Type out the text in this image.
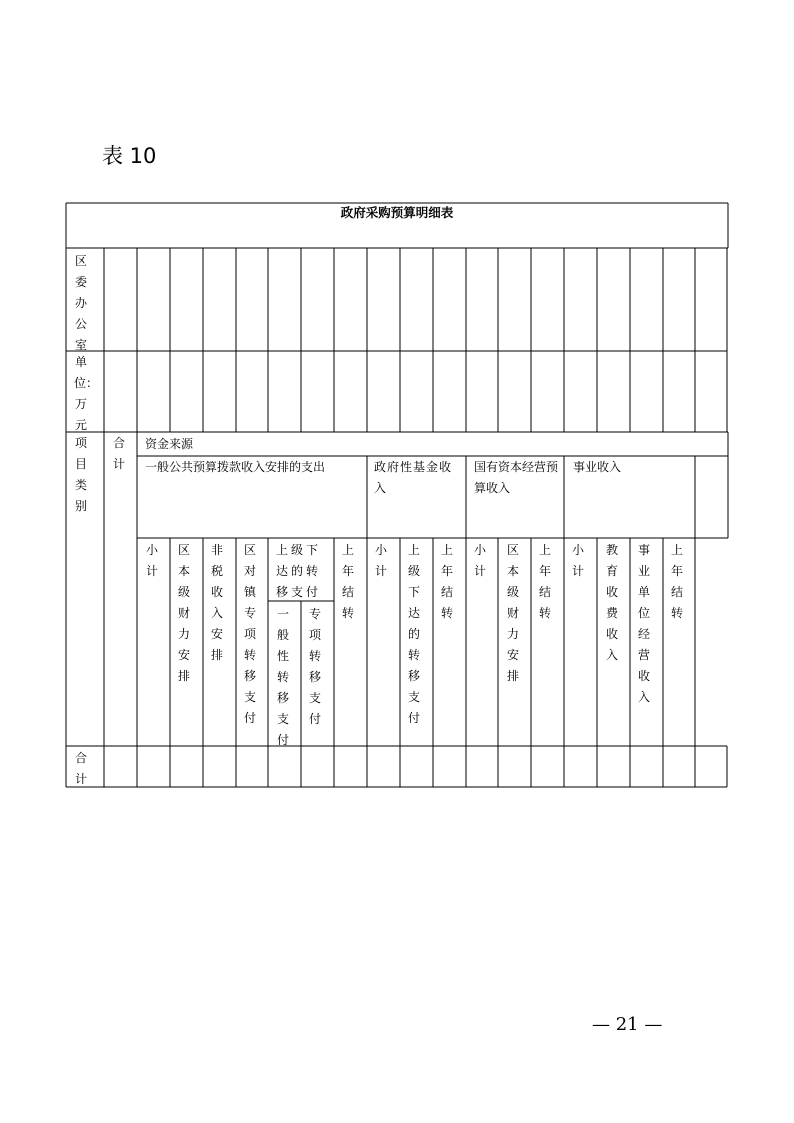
表 10
政府采购预算明细表
区委办公室
单位：万元
项目类别
合计
合计
资金来源
一般公共预算拨款收入安排的支出	政府性基金收入
国有资本经营预算收入
事业收入
小计
区本级财力安排
非税收入安排
区对镇专项转移支付
上级下达的转移支付
上年结转
一般性转移支付
专项转移支付
小计
上级下达的转移支付
上年结转
小计
区本级财力安排
上年结转
小计
教育收费收入
事业单位经营收入
上年结转
— 21 —
